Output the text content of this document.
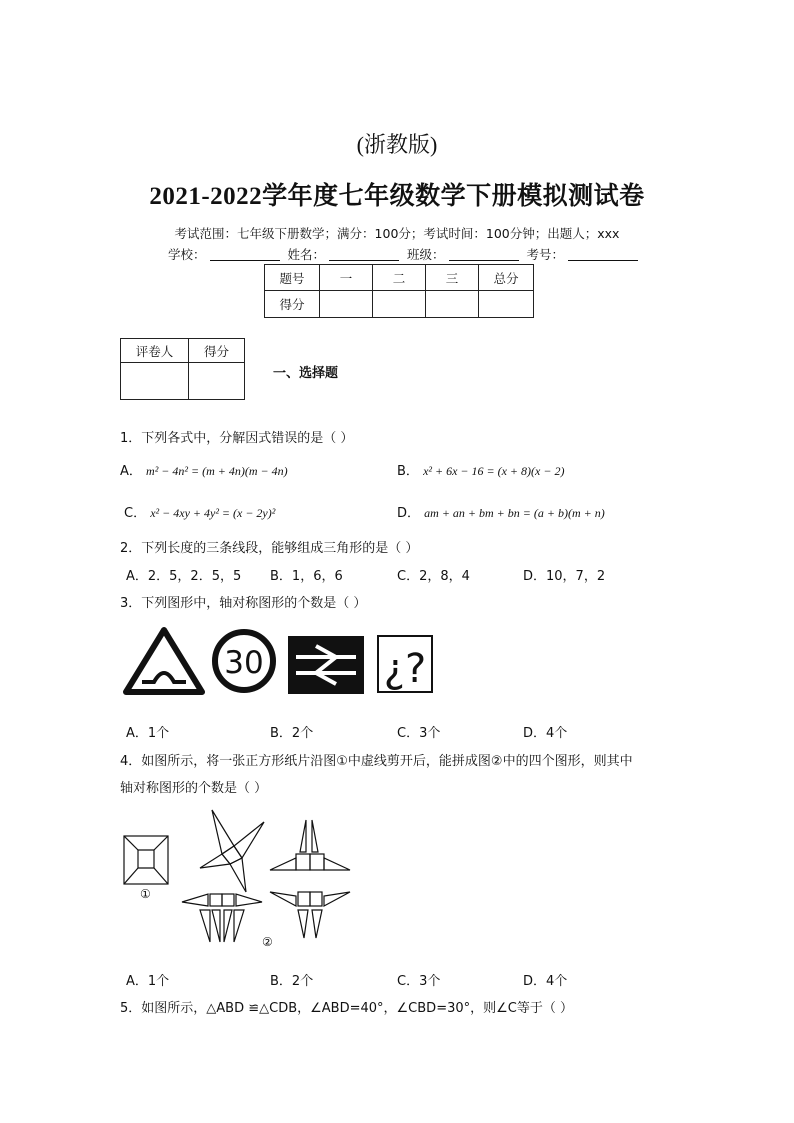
(浙教版)
2021-2022学年度七年级数学下册模拟测试卷
考试范围：七年级下册数学；满分：100分；考试时间：100分钟；出题人；xxx
学校：	姓名：	班级：	考号：
题号	一	二	三	总分
得分				
评卷人	得分

一、选择题
1．下列各式中，分解因式错误的是（ ）
A． m² − 4n² = (m + 4n)(m − 4n)	B． x² + 6x − 16 = (x + 8)(x − 2)
C． x² − 4xy + 4y² = (x − 2y)²	D． am + an + bm + bn = (a + b)(m + n)
2．下列长度的三条线段，能够组成三角形的是（ ）
A．2．5，2．5，5 B．1，6，6	C．2，8，4	D．10，7，2
3．下列图形中，轴对称图形的个数是（ ）
30	¿?
A．1个	B．2个	C．3个	D．4个
4．如图所示，将一张正方形纸片沿图①中虚线剪开后，能拼成图②中的四个图形，则其中
轴对称图形的个数是（ ）
①
②
A．1个	B．2个	C．3个	D．4个
5．如图所示，△ABD ≌△CDB，∠ABD=40°，∠CBD=30°，则∠C等于（ ）
